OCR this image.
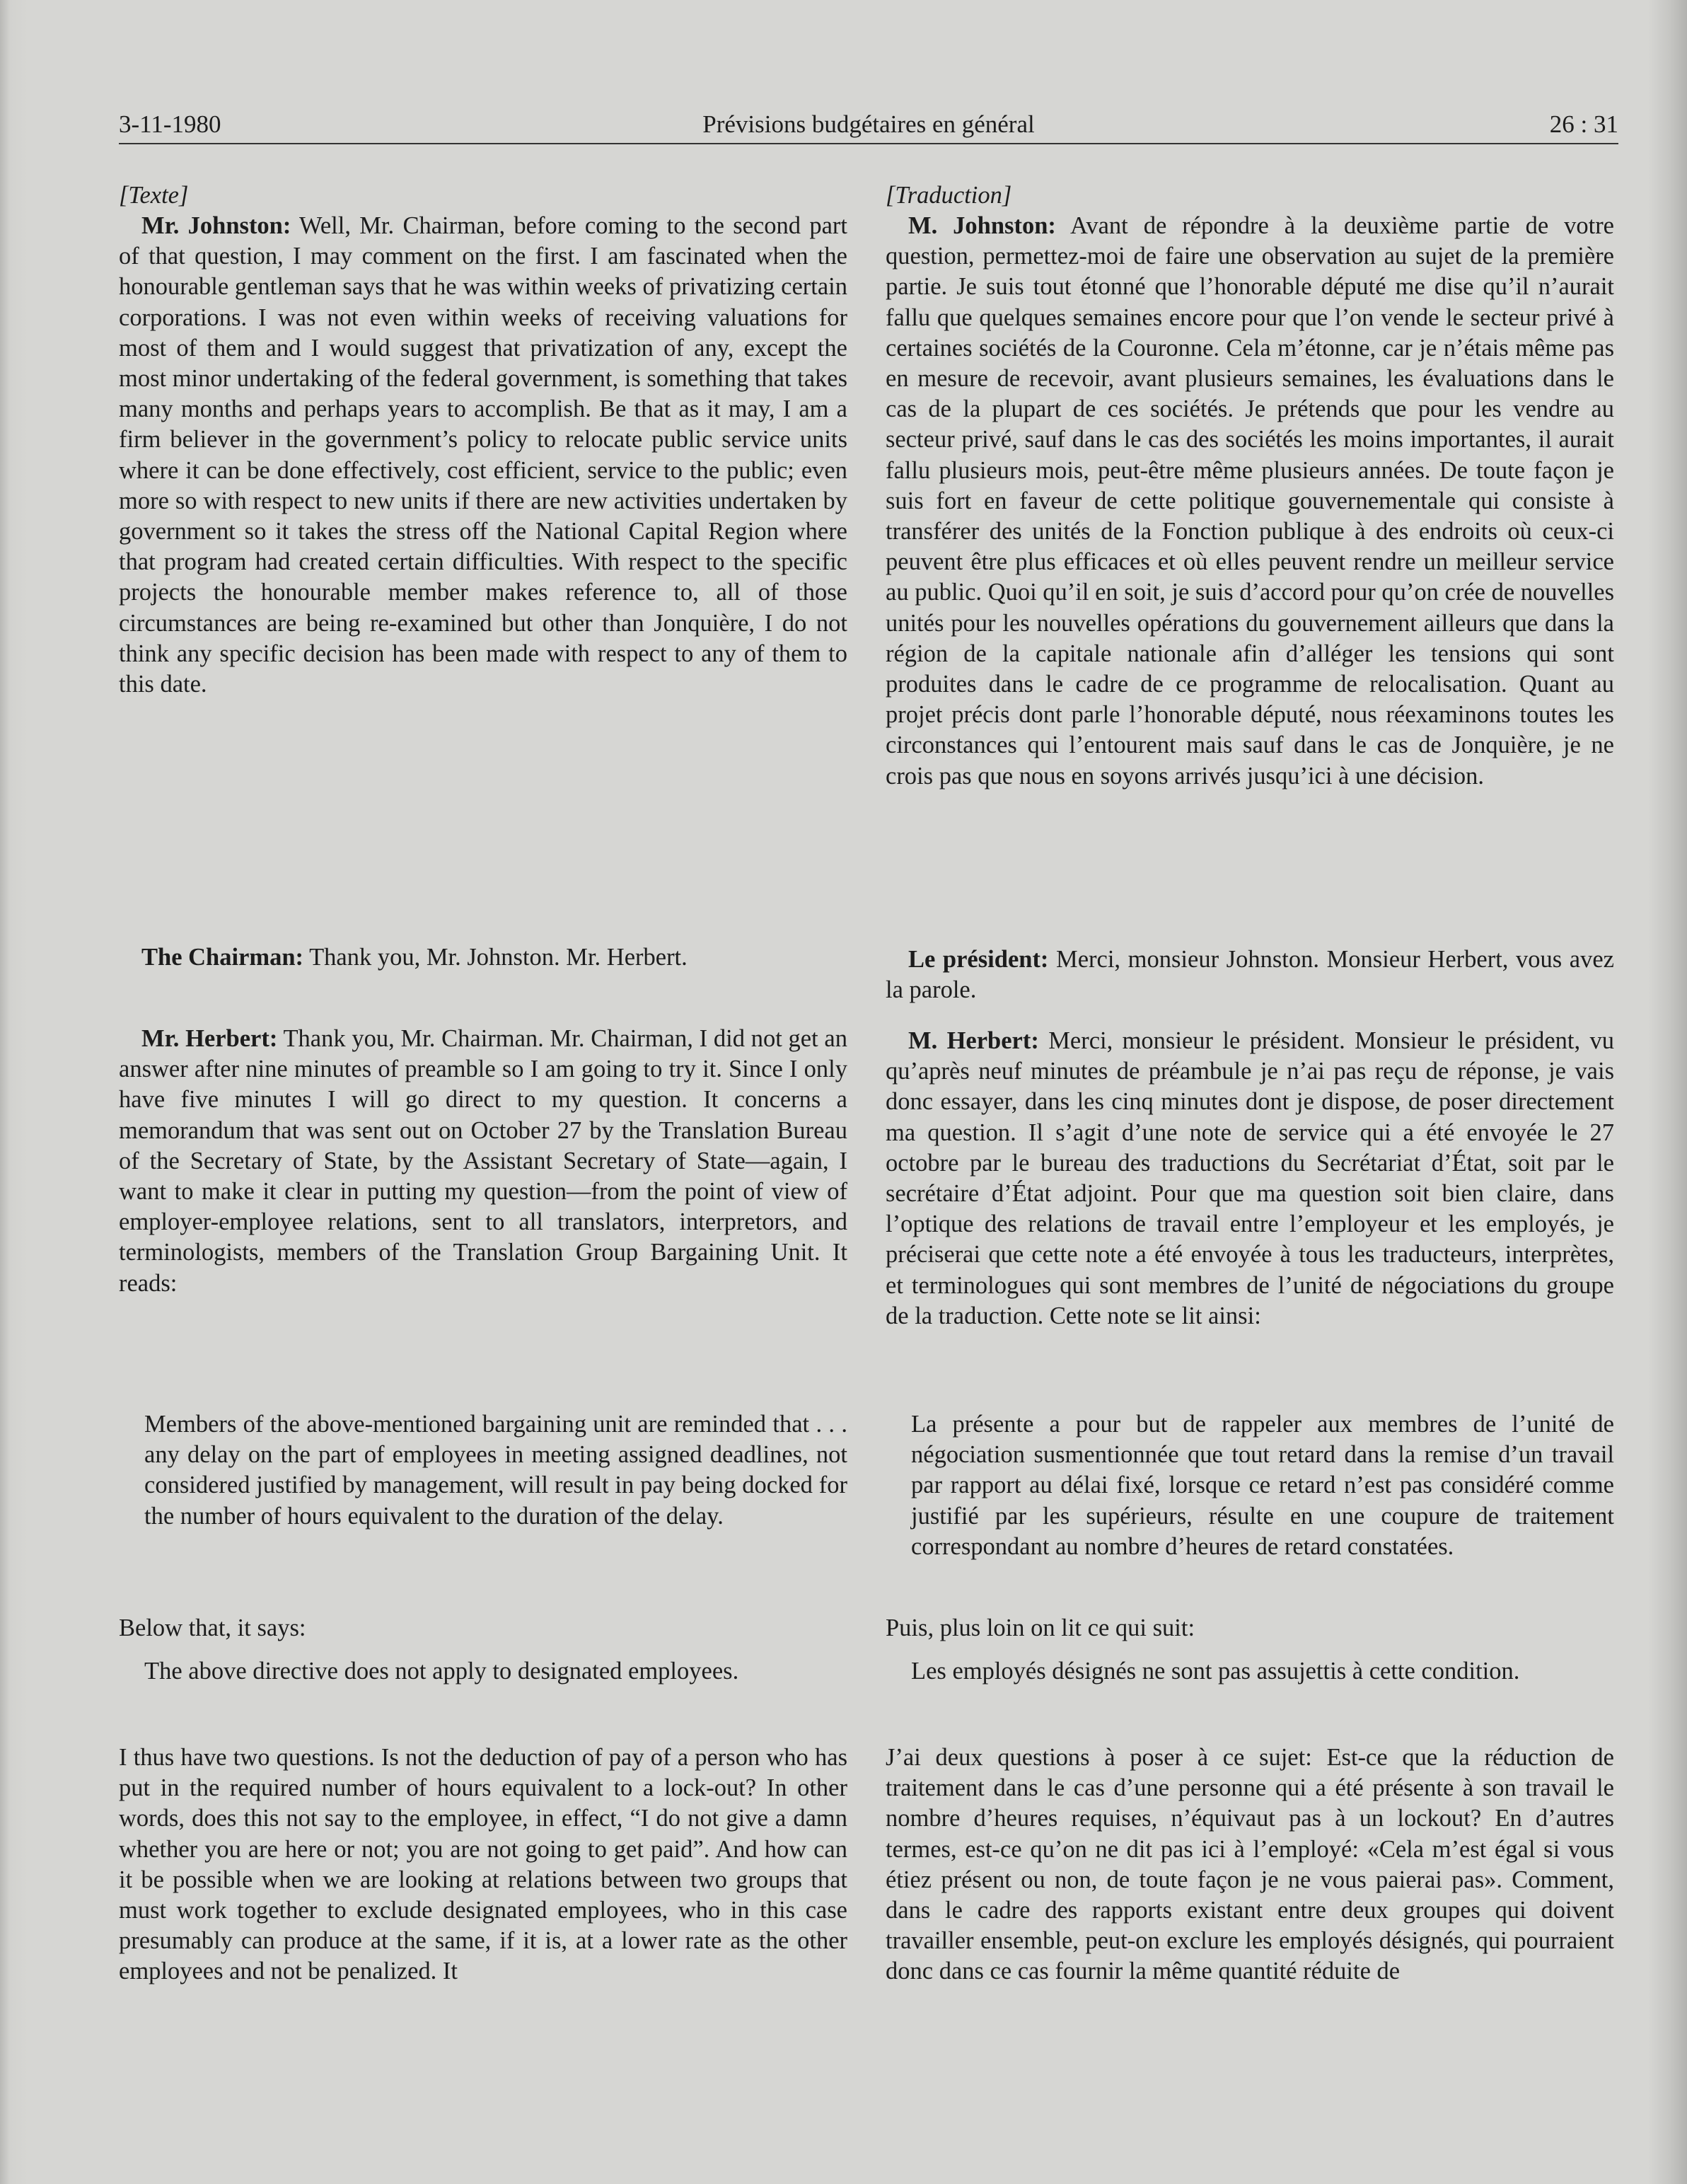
3-11-1980	Prévisions budgétaires en général	26 : 31

[Texte]

Mr. Johnston: Well, Mr. Chairman, before coming to the second part of that question, I may comment on the first. I am fascinated when the honourable gentleman says that he was within weeks of privatizing certain corporations. I was not even within weeks of receiving valuations for most of them and I would suggest that privatization of any, except the most minor undertaking of the federal government, is something that takes many months and perhaps years to accomplish. Be that as it may, I am a firm believer in the government’s policy to relocate public service units where it can be done effectively, cost efficient, service to the public; even more so with respect to new units if there are new activities undertaken by government so it takes the stress off the National Capital Region where that program had created certain difficulties. With respect to the specific projects the honourable member makes reference to, all of those circumstances are being re-examined but other than Jonquière, I do not think any specific decision has been made with respect to any of them to this date.

The Chairman: Thank you, Mr. Johnston. Mr. Herbert.

Mr. Herbert: Thank you, Mr. Chairman. Mr. Chairman, I did not get an answer after nine minutes of preamble so I am going to try it. Since I only have five minutes I will go direct to my question. It concerns a memorandum that was sent out on October 27 by the Translation Bureau of the Secretary of State, by the Assistant Secretary of State—again, I want to make it clear in putting my question—from the point of view of employer-employee relations, sent to all translators, interpretors, and terminologists, members of the Translation Group Bargaining Unit. It reads:

Members of the above-mentioned bargaining unit are reminded that . . . any delay on the part of employees in meeting assigned deadlines, not considered justified by management, will result in pay being docked for the number of hours equivalent to the duration of the delay.

Below that, it says:

The above directive does not apply to designated employees.

I thus have two questions. Is not the deduction of pay of a person who has put in the required number of hours equivalent to a lock-out? In other words, does this not say to the employee, in effect, “I do not give a damn whether you are here or not; you are not going to get paid”. And how can it be possible when we are looking at relations between two groups that must work together to exclude designated employees, who in this case presumably can produce at the same, if it is, at a lower rate as the other employees and not be penalized. It

[Traduction]

M. Johnston: Avant de répondre à la deuxième partie de votre question, permettez-moi de faire une observation au sujet de la première partie. Je suis tout étonné que l’honorable député me dise qu’il n’aurait fallu que quelques semaines encore pour que l’on vende le secteur privé à certaines sociétés de la Couronne. Cela m’étonne, car je n’étais même pas en mesure de recevoir, avant plusieurs semaines, les évaluations dans le cas de la plupart de ces sociétés. Je prétends que pour les vendre au secteur privé, sauf dans le cas des sociétés les moins importantes, il aurait fallu plusieurs mois, peut-être même plusieurs années. De toute façon je suis fort en faveur de cette politique gouvernementale qui consiste à transférer des unités de la Fonction publique à des endroits où ceux-ci peuvent être plus efficaces et où elles peuvent rendre un meilleur service au public. Quoi qu’il en soit, je suis d’accord pour qu’on crée de nouvelles unités pour les nouvelles opérations du gouvernement ailleurs que dans la région de la capitale nationale afin d’alléger les tensions qui sont produites dans le cadre de ce programme de relocalisation. Quant au projet précis dont parle l’honorable député, nous réexaminons toutes les circonstances qui l’entourent mais sauf dans le cas de Jonquière, je ne crois pas que nous en soyons arrivés jusqu’ici à une décision.

Le président: Merci, monsieur Johnston. Monsieur Herbert, vous avez la parole.

M. Herbert: Merci, monsieur le président. Monsieur le président, vu qu’après neuf minutes de préambule je n’ai pas reçu de réponse, je vais donc essayer, dans les cinq minutes dont je dispose, de poser directement ma question. Il s’agit d’une note de service qui a été envoyée le 27 octobre par le bureau des traductions du Secrétariat d’État, soit par le secrétaire d’État adjoint. Pour que ma question soit bien claire, dans l’optique des relations de travail entre l’employeur et les employés, je préciserai que cette note a été envoyée à tous les traducteurs, interprètes, et terminologues qui sont membres de l’unité de négociations du groupe de la traduction. Cette note se lit ainsi:

La présente a pour but de rappeler aux membres de l’unité de négociation susmentionnée que tout retard dans la remise d’un travail par rapport au délai fixé, lorsque ce retard n’est pas considéré comme justifié par les supérieurs, résulte en une coupure de traitement correspondant au nombre d’heures de retard constatées.

Puis, plus loin on lit ce qui suit:

Les employés désignés ne sont pas assujettis à cette condition.

J’ai deux questions à poser à ce sujet: Est-ce que la réduction de traitement dans le cas d’une personne qui a été présente à son travail le nombre d’heures requises, n’équivaut pas à un lockout? En d’autres termes, est-ce qu’on ne dit pas ici à l’employé: «Cela m’est égal si vous étiez présent ou non, de toute façon je ne vous paierai pas». Comment, dans le cadre des rapports existant entre deux groupes qui doivent travailler ensemble, peut-on exclure les employés désignés, qui pourraient donc dans ce cas fournir la même quantité réduite de
